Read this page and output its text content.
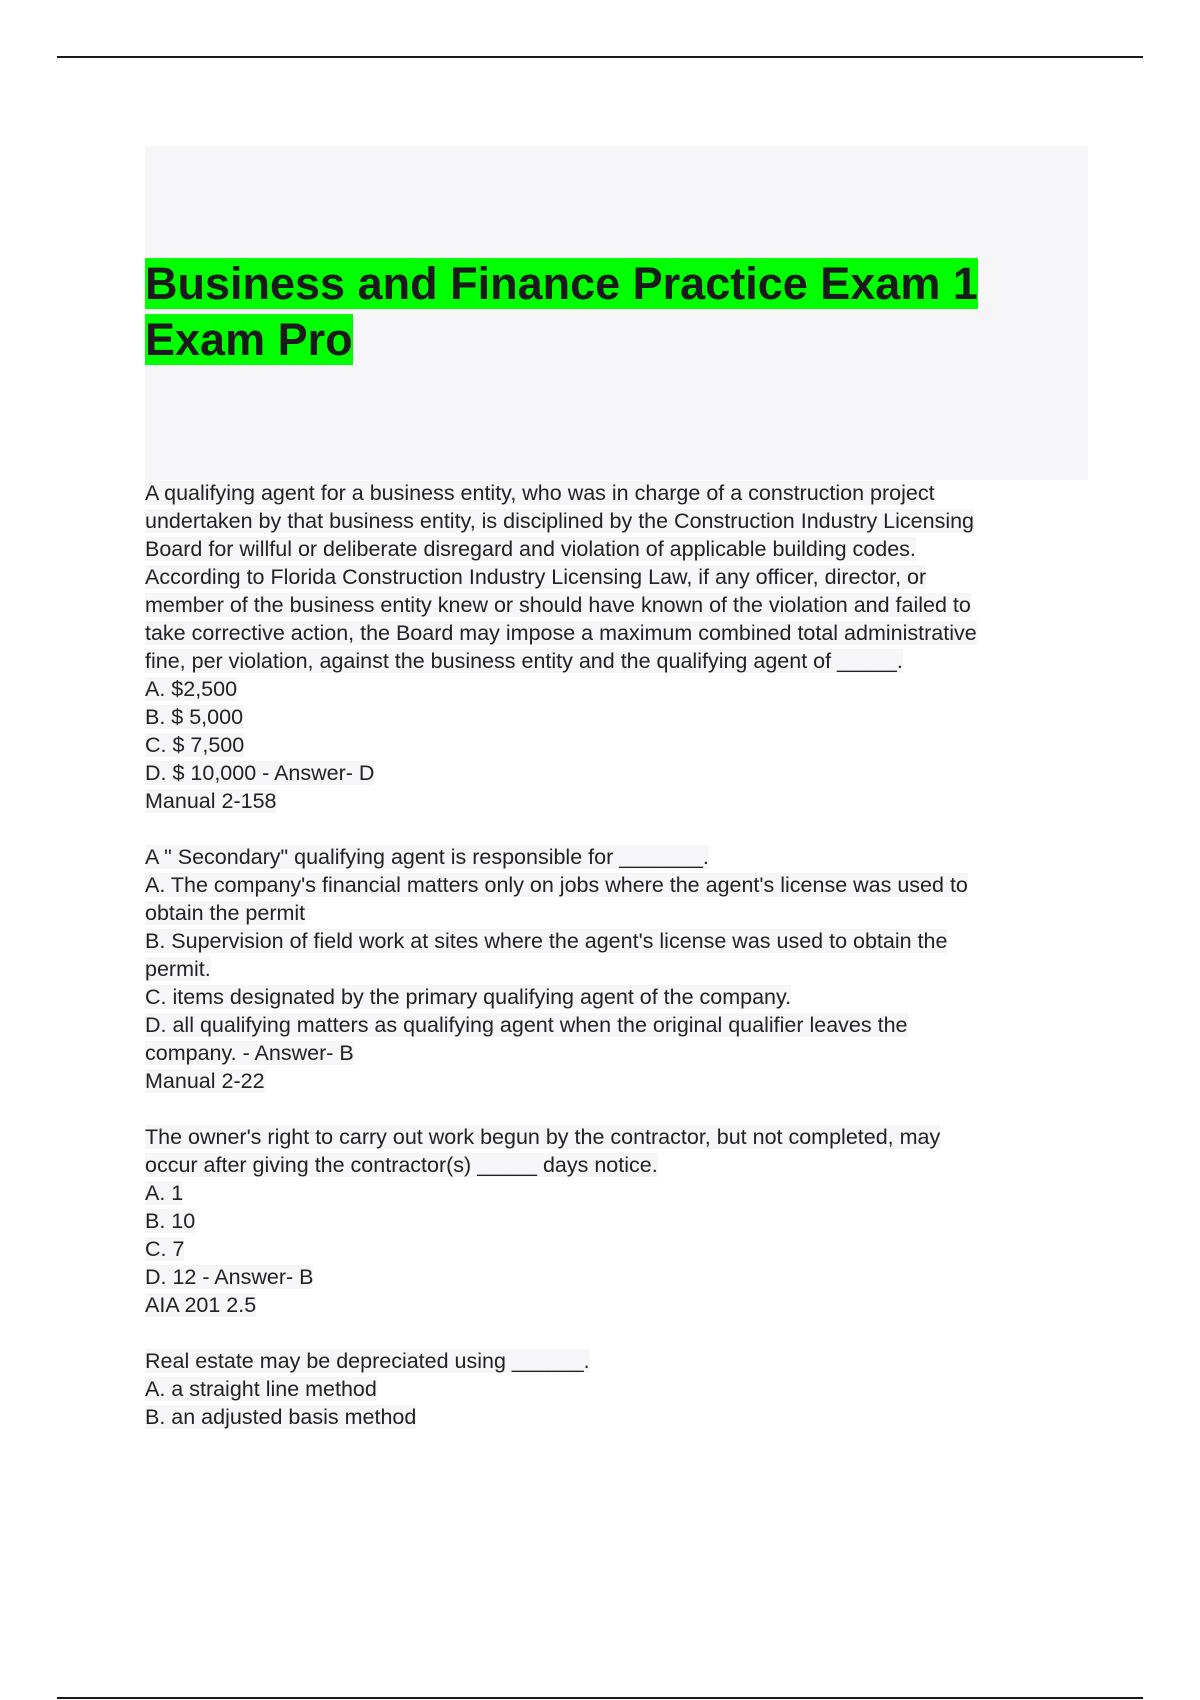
Business and Finance Practice Exam 1
Exam Pro
A qualifying agent for a business entity, who was in charge of a construction project
undertaken by that business entity, is disciplined by the Construction Industry Licensing
Board for willful or deliberate disregard and violation of applicable building codes.
According to Florida Construction Industry Licensing Law, if any officer, director, or
member of the business entity knew or should have known of the violation and failed to
take corrective action, the Board may impose a maximum combined total administrative
fine, per violation, against the business entity and the qualifying agent of _____.
A. $2,500
B. $ 5,000
C. $ 7,500
D. $ 10,000 - Answer- D
Manual 2-158
A " Secondary" qualifying agent is responsible for _______.
A. The company's financial matters only on jobs where the agent's license was used to
obtain the permit
B. Supervision of field work at sites where the agent's license was used to obtain the
permit.
C. items designated by the primary qualifying agent of the company.
D. all qualifying matters as qualifying agent when the original qualifier leaves the
company. - Answer- B
Manual 2-22
The owner's right to carry out work begun by the contractor, but not completed, may
occur after giving the contractor(s) _____ days notice.
A. 1
B. 10
C. 7
D. 12 - Answer- B
AIA 201 2.5
Real estate may be depreciated using ______.
A. a straight line method
B. an adjusted basis method
